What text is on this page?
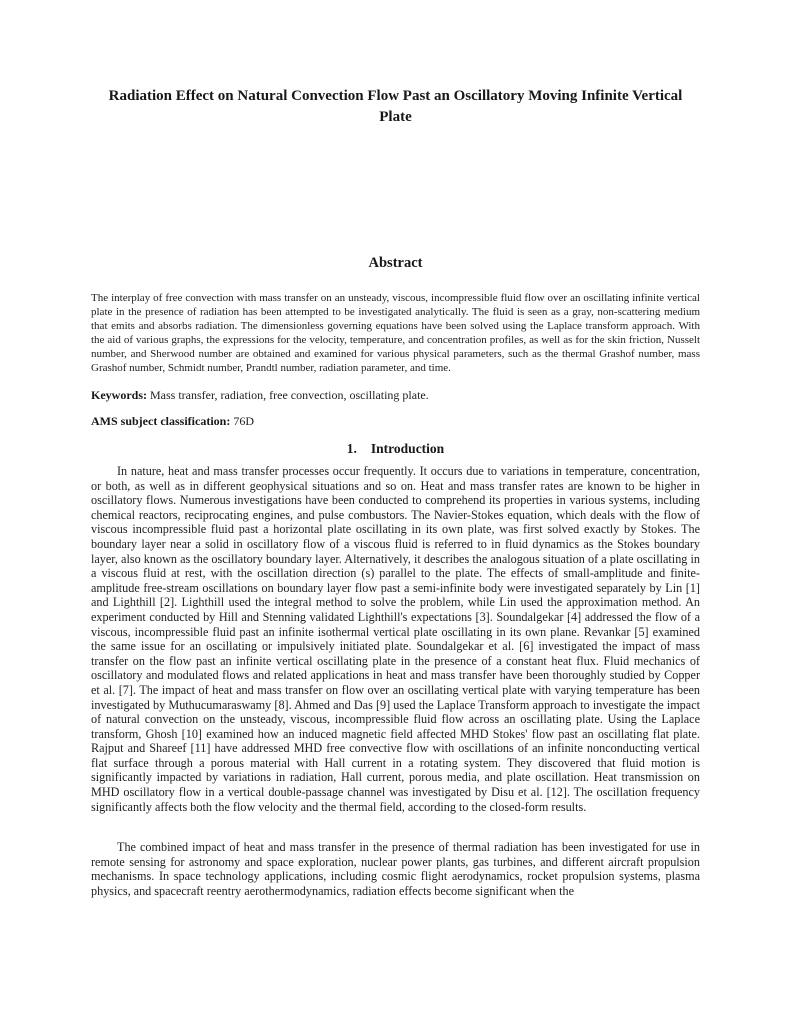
Radiation Effect on Natural Convection Flow Past an Oscillatory Moving Infinite Vertical Plate
Abstract

The interplay of free convection with mass transfer on an unsteady, viscous, incompressible fluid flow over an oscillating infinite vertical plate in the presence of radiation has been attempted to be investigated analytically. The fluid is seen as a gray, non-scattering medium that emits and absorbs radiation. The dimensionless governing equations have been solved using the Laplace transform approach. With the aid of various graphs, the expressions for the velocity, temperature, and concentration profiles, as well as for the skin friction, Nusselt number, and Sherwood number are obtained and examined for various physical parameters, such as the thermal Grashof number, mass Grashof number, Schmidt number, Prandtl number, radiation parameter, and time.

Keywords: Mass transfer, radiation, free convection, oscillating plate.

AMS subject classification: 76D

1. Introduction

In nature, heat and mass transfer processes occur frequently. It occurs due to variations in temperature, concentration, or both, as well as in different geophysical situations and so on. Heat and mass transfer rates are known to be higher in oscillatory flows. Numerous investigations have been conducted to comprehend its properties in various systems, including chemical reactors, reciprocating engines, and pulse combustors. The Navier-Stokes equation, which deals with the flow of viscous incompressible fluid past a horizontal plate oscillating in its own plate, was first solved exactly by Stokes. The boundary layer near a solid in oscillatory flow of a viscous fluid is referred to in fluid dynamics as the Stokes boundary layer, also known as the oscillatory boundary layer. Alternatively, it describes the analogous situation of a plate oscillating in a viscous fluid at rest, with the oscillation direction (s) parallel to the plate. The effects of small-amplitude and finite-amplitude free-stream oscillations on boundary layer flow past a semi-infinite body were investigated separately by Lin [1] and Lighthill [2]. Lighthill used the integral method to solve the problem, while Lin used the approximation method. An experiment conducted by Hill and Stenning validated Lighthill's expectations [3]. Soundalgekar [4] addressed the flow of a viscous, incompressible fluid past an infinite isothermal vertical plate oscillating in its own plane. Revankar [5] examined the same issue for an oscillating or impulsively initiated plate. Soundalgekar et al. [6] investigated the impact of mass transfer on the flow past an infinite vertical oscillating plate in the presence of a constant heat flux. Fluid mechanics of oscillatory and modulated flows and related applications in heat and mass transfer have been thoroughly studied by Copper et al. [7]. The impact of heat and mass transfer on flow over an oscillating vertical plate with varying temperature has been investigated by Muthucumaraswamy [8]. Ahmed and Das [9] used the Laplace Transform approach to investigate the impact of natural convection on the unsteady, viscous, incompressible fluid flow across an oscillating plate. Using the Laplace transform, Ghosh [10] examined how an induced magnetic field affected MHD Stokes' flow past an oscillating flat plate. Rajput and Shareef [11] have addressed MHD free convective flow with oscillations of an infinite nonconducting vertical flat surface through a porous material with Hall current in a rotating system. They discovered that fluid motion is significantly impacted by variations in radiation, Hall current, porous media, and plate oscillation. Heat transmission on MHD oscillatory flow in a vertical double-passage channel was investigated by Disu et al. [12]. The oscillation frequency significantly affects both the flow velocity and the thermal field, according to the closed-form results.

The combined impact of heat and mass transfer in the presence of thermal radiation has been investigated for use in remote sensing for astronomy and space exploration, nuclear power plants, gas turbines, and different aircraft propulsion mechanisms. In space technology applications, including cosmic flight aerodynamics, rocket propulsion systems, plasma physics, and spacecraft reentry aerothermodynamics, radiation effects become significant when the
